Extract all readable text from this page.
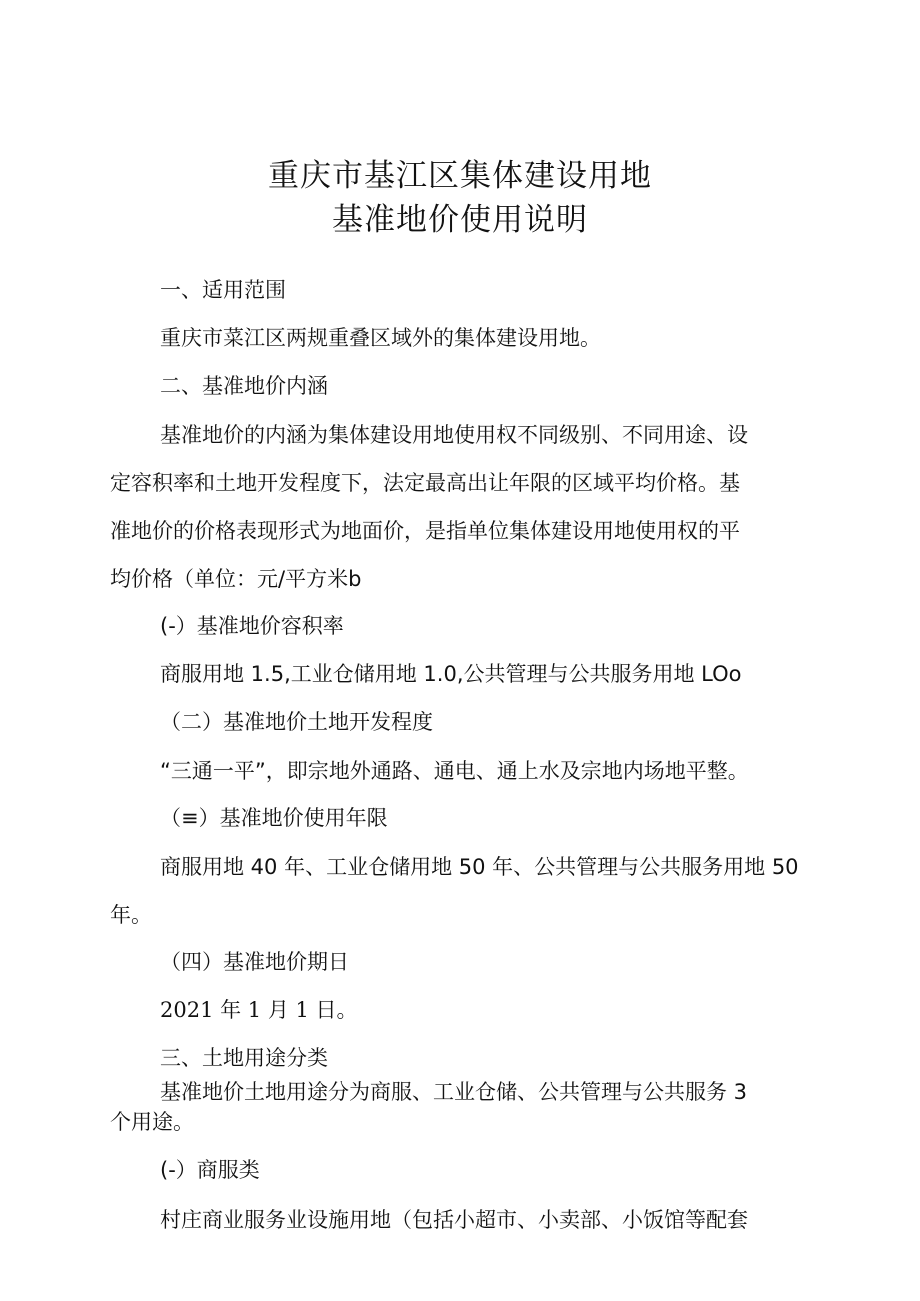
重庆市基江区集体建设用地
基准地价使用说明

一、适用范围

重庆市菜江区两规重叠区域外的集体建设用地。

二、基准地价内涵

基准地价的内涵为集体建设用地使用权不同级别、不同用途、设

定容积率和土地开发程度下，法定最高出让年限的区域平均价格。基

准地价的价格表现形式为地面价，是指单位集体建设用地使用权的平

均价格（单位：元/平方米b

(-）基准地价容积率

商服用地 1.5,工业仓储用地 1.0,公共管理与公共服务用地 LOo

（二）基准地价土地开发程度

“三通一平”，即宗地外通路、通电、通上水及宗地内场地平整。

（≡）基准地价使用年限

商服用地 40 年、工业仓储用地 50 年、公共管理与公共服务用地 50

年。

（四）基准地价期日

2021 年 1 月 1 日。

三、土地用途分类

基准地价土地用途分为商服、工业仓储、公共管理与公共服务 3

个用途。

(-）商服类

村庄商业服务业设施用地（包括小超市、小卖部、小饭馆等配套
